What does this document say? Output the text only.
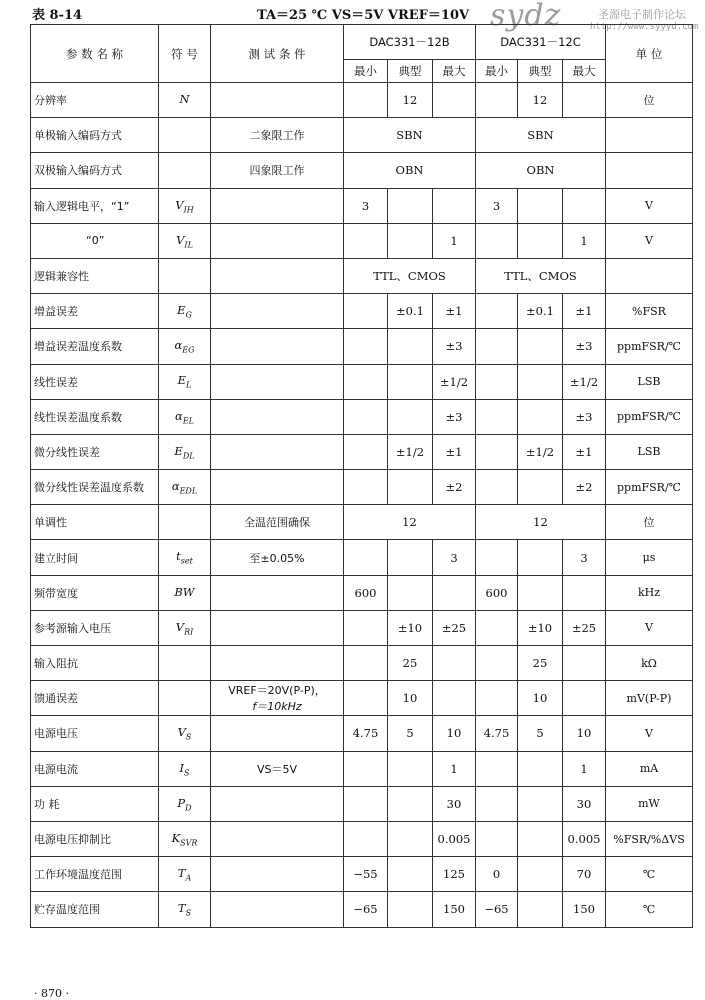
表 8-14	TA＝25 ℃ VS＝5V VREF＝10V sydz	圣源电子制作论坛
http://www.syyyd.com
参 数 名 称	符 号	测 试 条 件	DAC331－12B			DAC331－12C			单 位
			最小	典型	最大	最小	典型	最大	
分辨率	N			12			12		位
单极输入编码方式		二象限工作	SBN			SBN			
双极输入编码方式		四象限工作	OBN			OBN			
输入逻辑电平，“1”	$V_{IH}$		3			3			V
“0”	$V_{IL}$				1			1	V
逻辑兼容性			TTL、CMOS			TTL、CMOS			
增益误差	$E_G$			±0.1	±1		±0.1	±1	%FSR
增益误差温度系数	$\alpha_{EG}$				±3			±3	ppmFSR/℃
线性误差	$E_L$				±1/2			±1/2	LSB
线性误差温度系数	$\alpha_{EL}$				±3			±3	ppmFSR/℃
微分线性误差	$E_{DL}$			±1/2	±1		±1/2	±1	LSB
微分线性误差温度系数	$\alpha_{EDL}$				±2			±2	ppmFSR/℃
单调性		全温范围确保	12			12			位
建立时间	$t_{set}$	至±0.05%			3			3	μs
频带宽度	BW		600			600			kHz
参考源输入电压	$V_{RI}$			±10	±25		±10	±25	V
输入阻抗				25			25		kΩ
馈通误差		VREF＝20V(P-P)，
f＝10kHz		10			10		mV(P-P)
电源电压	$V_S$		4.75	5	10	4.75	5	10	V
电源电流	$I_S$	VS＝5V			1			1	mA
功 耗	$P_D$				30			30	mW
电源电压抑制比	$K_{SVR}$				0.005			0.005	%FSR/%ΔVS
工作环境温度范围	$T_A$		−55		125	0		70	℃
贮存温度范围	$T_S$		−65		150	−65		150	℃
· 870 ·
